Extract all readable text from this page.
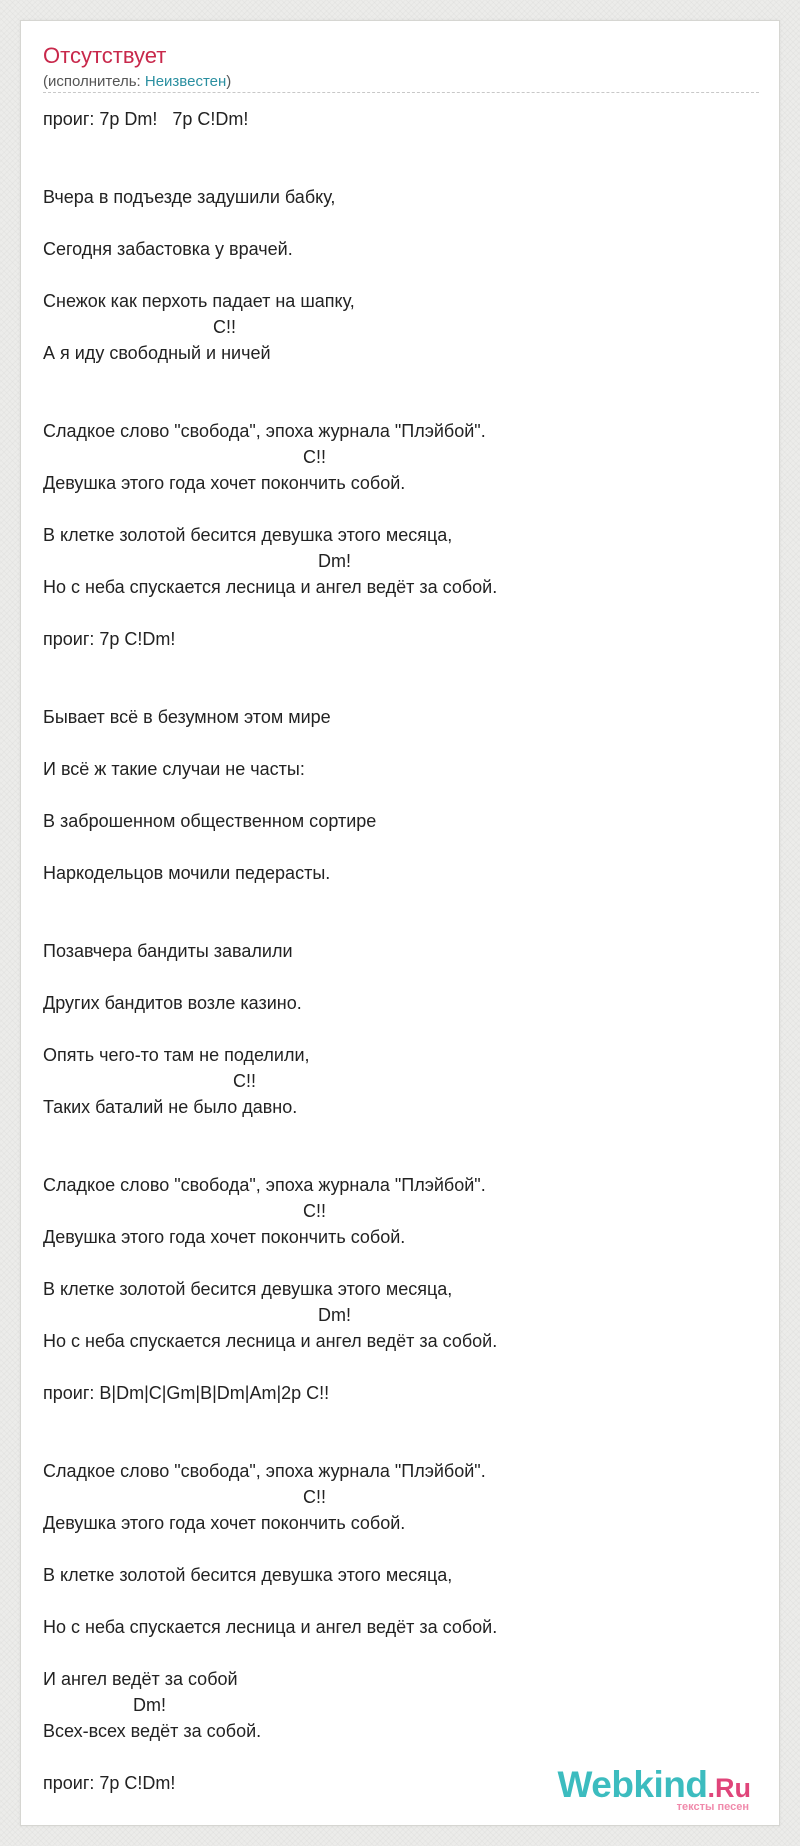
Отсутствует
(исполнитель: Неизвестен)
проиг: 7р Dm!   7р C!Dm!

Вчера в подъезде задушили бабку,

Сегодня забастовка у врачей.

Снежок как перхоть падает на шапку,
C!!
А я иду свободный и ничей

Сладкое слово "свобода", эпоха журнала "Плэйбой".
C!!
Девушка этого года хочет покончить собой.

В клетке золотой бесится девушка этого месяца,
Dm!
Но с неба спускается лесница и ангел ведёт за собой.

проиг: 7р C!Dm!

Бывает всё в безумном этом мире

И всё ж такие случаи не часты:

В заброшенном общественном сортире

Наркодельцов мочили педерасты.

Позавчера бандиты завалили

Других бандитов возле казино.

Опять чего-то там не поделили,
C!!
Таких баталий не было давно.

Сладкое слово "свобода", эпоха журнала "Плэйбой".
C!!
Девушка этого года хочет покончить собой.

В клетке золотой бесится девушка этого месяца,
Dm!
Но с неба спускается лесница и ангел ведёт за собой.

проиг: B|Dm|C|Gm|B|Dm|Am|2р C!!

Сладкое слово "свобода", эпоха журнала "Плэйбой".
C!!
Девушка этого года хочет покончить собой.

В клетке золотой бесится девушка этого месяца,

Но с неба спускается лесница и ангел ведёт за собой.

И ангел ведёт за собой
Dm!
Всех-всех ведёт за собой.

проиг: 7р C!Dm!	Webkind.Ru
тексты песен
